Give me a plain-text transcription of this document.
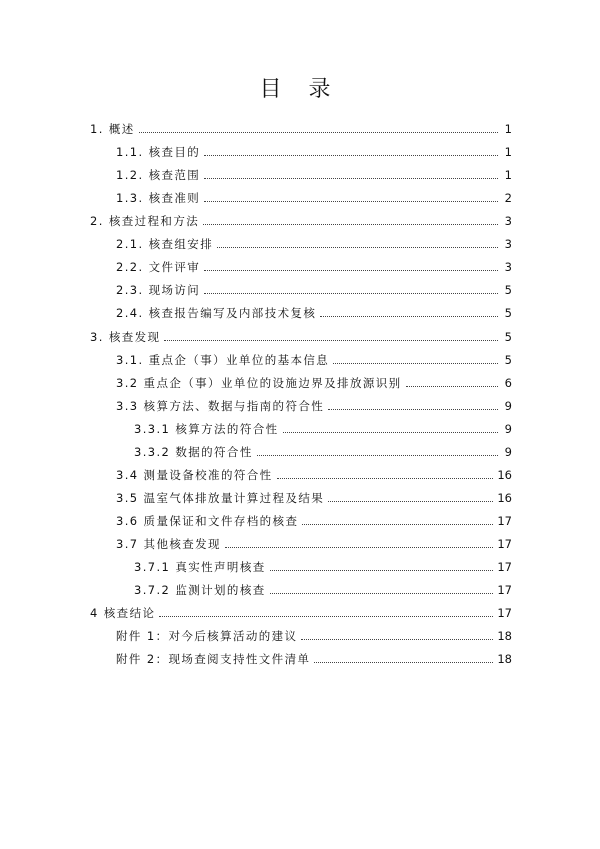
目 录
1. 概述	1
1.1. 核查目的	1
1.2. 核查范围	1
1.3. 核查准则	2
2. 核查过程和方法	3
2.1. 核查组安排	3
2.2. 文件评审	3
2.3. 现场访问	5
2.4. 核查报告编写及内部技术复核	5
3. 核查发现	5
3.1. 重点企（事）业单位的基本信息	5
3.2 重点企（事）业单位的设施边界及排放源识别	6
3.3 核算方法、数据与指南的符合性	9
3.3.1 核算方法的符合性	9
3.3.2 数据的符合性	9
3.4 测量设备校准的符合性	16
3.5 温室气体排放量计算过程及结果	16
3.6 质量保证和文件存档的核查	17
3.7 其他核查发现	17
3.7.1 真实性声明核查	17
3.7.2 监测计划的核查	17
4 核查结论	17
附件 1：对今后核算活动的建议	18
附件 2：现场查阅支持性文件清单	18
